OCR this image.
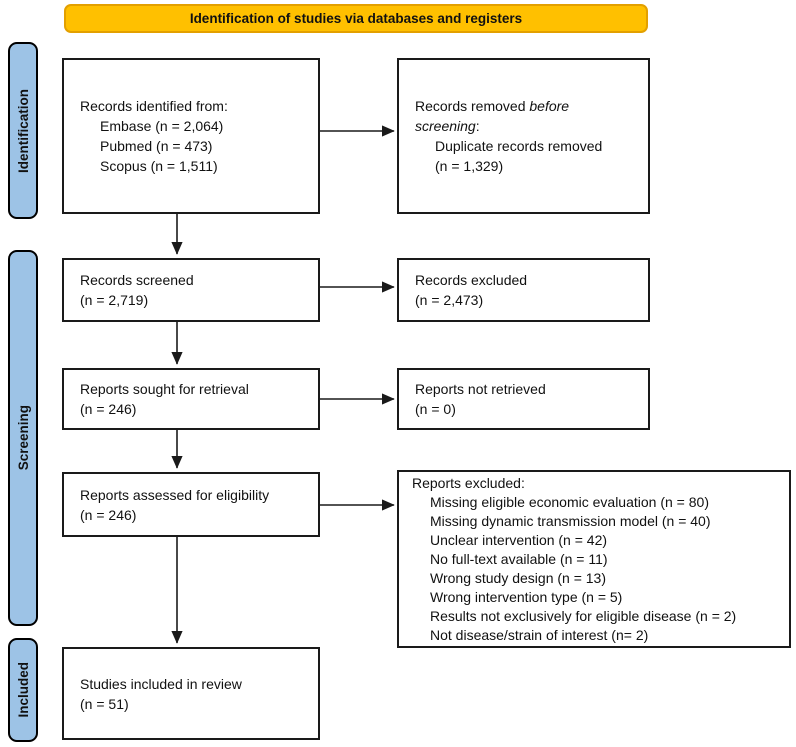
Identification of studies via databases and registers
Identification
Screening
Included
Records identified from:
Embase (n = 2,064)
Pubmed (n = 473)
Scopus (n = 1,511)
Records removed before
screening:
Duplicate records removed
(n = 1,329)
Records screened
(n = 2,719)
Records excluded
(n = 2,473)
Reports sought for retrieval
(n = 246)
Reports not retrieved
(n = 0)
Reports assessed for eligibility
(n = 246)
Reports excluded:
Missing eligible economic evaluation (n = 80)
Missing dynamic transmission model (n = 40)
Unclear intervention (n = 42)
No full-text available (n = 11)
Wrong study design (n = 13)
Wrong intervention type (n = 5)
Results not exclusively for eligible disease (n = 2)
Not disease/strain of interest (n= 2)
Studies included in review
(n = 51)
